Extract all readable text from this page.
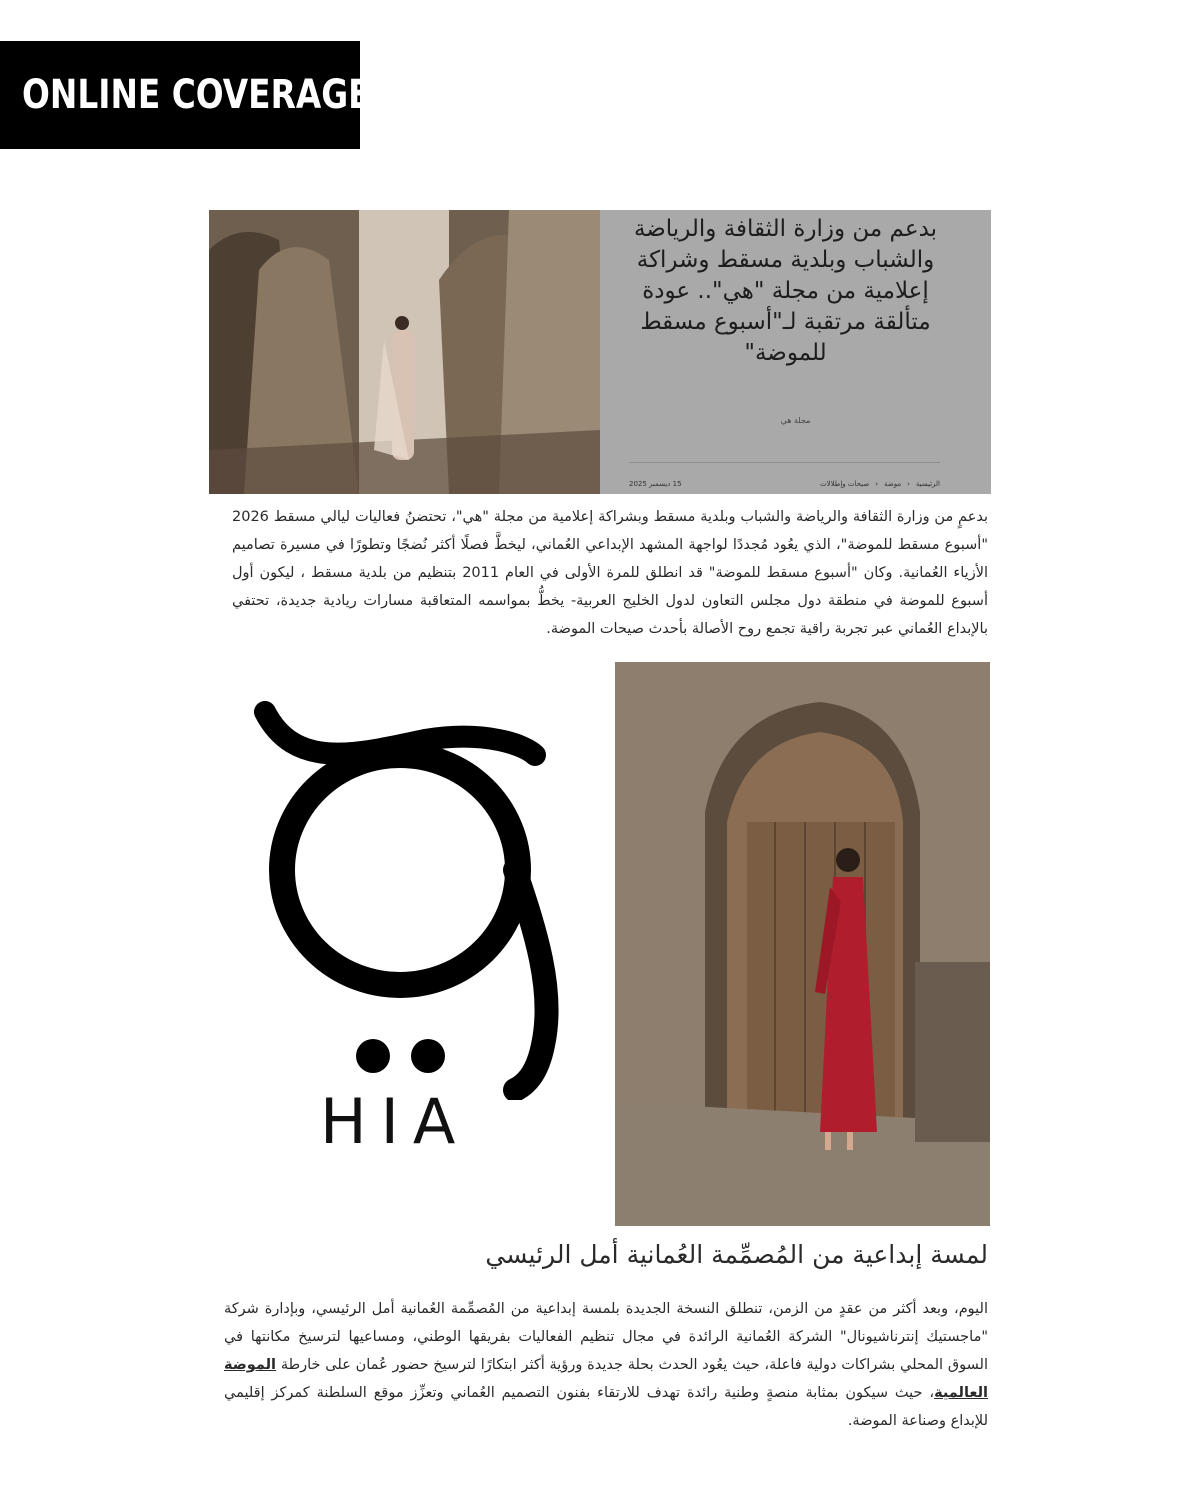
ONLINE COVERAGE
بدعم من وزارة الثقافة والرياضة والشباب وبلدية مسقط وشراكة إعلامية من مجلة "هي".. عودة متألقة مرتقبة لـ"أسبوع مسقط للموضة"
مجلة هي
الرئيسية
‹
موضة
‹
صيحات وإطلالات
15 ديسمبر 2025
بدعمٍ من وزارة الثقافة والرياضة والشباب وبلدية مسقط وبشراكة إعلامية من مجلة "هي"، تحتضنُ فعاليات ليالي مسقط 2026 "أسبوع مسقط للموضة"، الذي يعُود مُجددًا لواجهة المشهد الإبداعي العُماني، ليخطَّ فصلًا أكثر نُضجًا وتطورًا في مسيرة تصاميم الأزياء العُمانية. وكان "أسبوع مسقط للموضة" قد انطلق للمرة الأولى في العام 2011 بتنظيم من بلدية مسقط ، ليكون أول أسبوع للموضة في منطقة دول مجلس التعاون لدول الخليج العربية- يخطُّ بمواسمه المتعاقبة مسارات ريادية جديدة، تحتفي بالإبداع العُماني عبر تجربة راقية تجمع روح الأصالة بأحدث صيحات الموضة.
HIA
لمسة إبداعية من المُصمِّمة العُمانية أمل الرئيسي
اليوم، وبعد أكثر من عقدٍ من الزمن، تنطلق النسخة الجديدة بلمسة إبداعية من المُصمِّمة العُمانية أمل الرئيسي، وبإدارة شركة "ماجستيك إنترناشيونال" الشركة العُمانية الرائدة في مجال تنظيم الفعاليات بفريقها الوطني، ومساعيها لترسيخ مكانتها في السوق المحلي بشراكات دولية فاعلة، حيث يعُود الحدث بحلة جديدة ورؤية أكثر ابتكارًا لترسيخ حضور عُمان على خارطة الموضة العالمية، حيث سيكون بمثابة منصةٍ وطنية رائدة تهدف للارتقاء بفنون التصميم العُماني وتعزِّز موقع السلطنة كمركز إقليمي للإبداع وصناعة الموضة.
